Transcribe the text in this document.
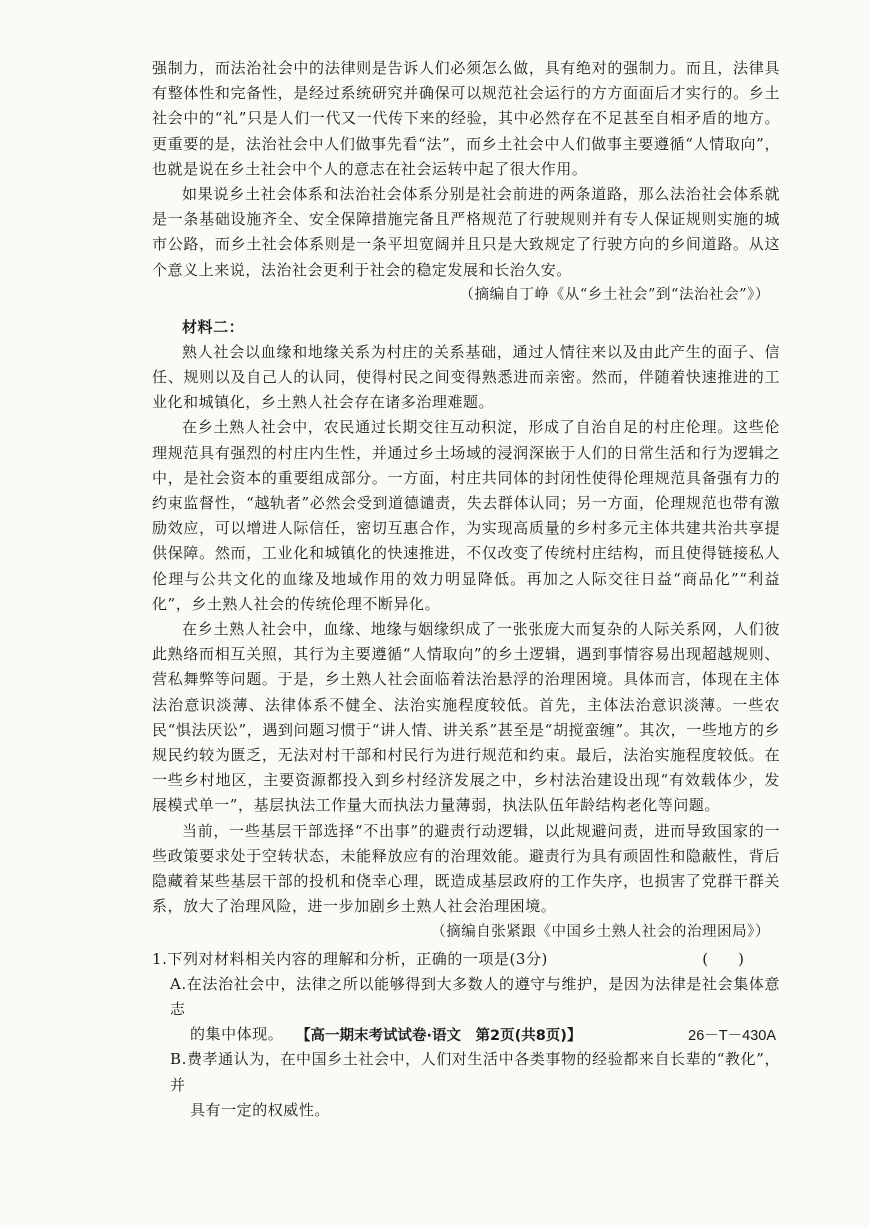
强制力，而法治社会中的法律则是告诉人们必须怎么做，具有绝对的强制力。而且，法律具有整体性和完备性，是经过系统研究并确保可以规范社会运行的方方面面后才实行的。乡土社会中的“礼”只是人们一代又一代传下来的经验，其中必然存在不足甚至自相矛盾的地方。更重要的是，法治社会中人们做事先看“法”，而乡土社会中人们做事主要遵循“人情取向”，也就是说在乡土社会中个人的意志在社会运转中起了很大作用。

如果说乡土社会体系和法治社会体系分别是社会前进的两条道路，那么法治社会体系就是一条基础设施齐全、安全保障措施完备且严格规范了行驶规则并有专人保证规则实施的城市公路，而乡土社会体系则是一条平坦宽阔并且只是大致规定了行驶方向的乡间道路。从这个意义上来说，法治社会更利于社会的稳定发展和长治久安。

（摘编自丁峥《从“乡土社会”到“法治社会”》）

材料二：

熟人社会以血缘和地缘关系为村庄的关系基础，通过人情往来以及由此产生的面子、信任、规则以及自己人的认同，使得村民之间变得熟悉进而亲密。然而，伴随着快速推进的工业化和城镇化，乡土熟人社会存在诸多治理难题。

在乡土熟人社会中，农民通过长期交往互动积淀，形成了自治自足的村庄伦理。这些伦理规范具有强烈的村庄内生性，并通过乡土场域的浸润深嵌于人们的日常生活和行为逻辑之中，是社会资本的重要组成部分。一方面，村庄共同体的封闭性使得伦理规范具备强有力的约束监督性，“越轨者”必然会受到道德谴责，失去群体认同；另一方面，伦理规范也带有激励效应，可以增进人际信任，密切互惠合作，为实现高质量的乡村多元主体共建共治共享提供保障。然而，工业化和城镇化的快速推进，不仅改变了传统村庄结构，而且使得链接私人伦理与公共文化的血缘及地域作用的效力明显降低。再加之人际交往日益“商品化”“利益化”，乡土熟人社会的传统伦理不断异化。

在乡土熟人社会中，血缘、地缘与姻缘织成了一张张庞大而复杂的人际关系网，人们彼此熟络而相互关照，其行为主要遵循“人情取向”的乡土逻辑，遇到事情容易出现超越规则、营私舞弊等问题。于是，乡土熟人社会面临着法治悬浮的治理困境。具体而言，体现在主体法治意识淡薄、法律体系不健全、法治实施程度较低。首先，主体法治意识淡薄。一些农民“惧法厌讼”，遇到问题习惯于“讲人情、讲关系”甚至是“胡搅蛮缠”。其次，一些地方的乡规民约较为匮乏，无法对村干部和村民行为进行规范和约束。最后，法治实施程度较低。在一些乡村地区，主要资源都投入到乡村经济发展之中，乡村法治建设出现“有效载体少，发展模式单一”，基层执法工作量大而执法力量薄弱，执法队伍年龄结构老化等问题。

当前，一些基层干部选择“不出事”的避责行动逻辑，以此规避问责，进而导致国家的一些政策要求处于空转状态，未能释放应有的治理效能。避责行为具有顽固性和隐蔽性，背后隐藏着某些基层干部的投机和侥幸心理，既造成基层政府的工作失序，也损害了党群干群关系，放大了治理风险，进一步加剧乡土熟人社会治理困境。

（摘编自张紧跟《中国乡土熟人社会的治理困局》）

1.下列对材料相关内容的理解和分析，正确的一项是(3分)	(　　)

A.在法治社会中，法律之所以能够得到大多数人的遵守与维护，是因为法律是社会集体意志
的集中体现。

B.费孝通认为，在中国乡土社会中，人们对生活中各类事物的经验都来自长辈的“教化”，并
具有一定的权威性。

【高一期末考试试卷·语文　第2页(共8页)】	26－T－430A
